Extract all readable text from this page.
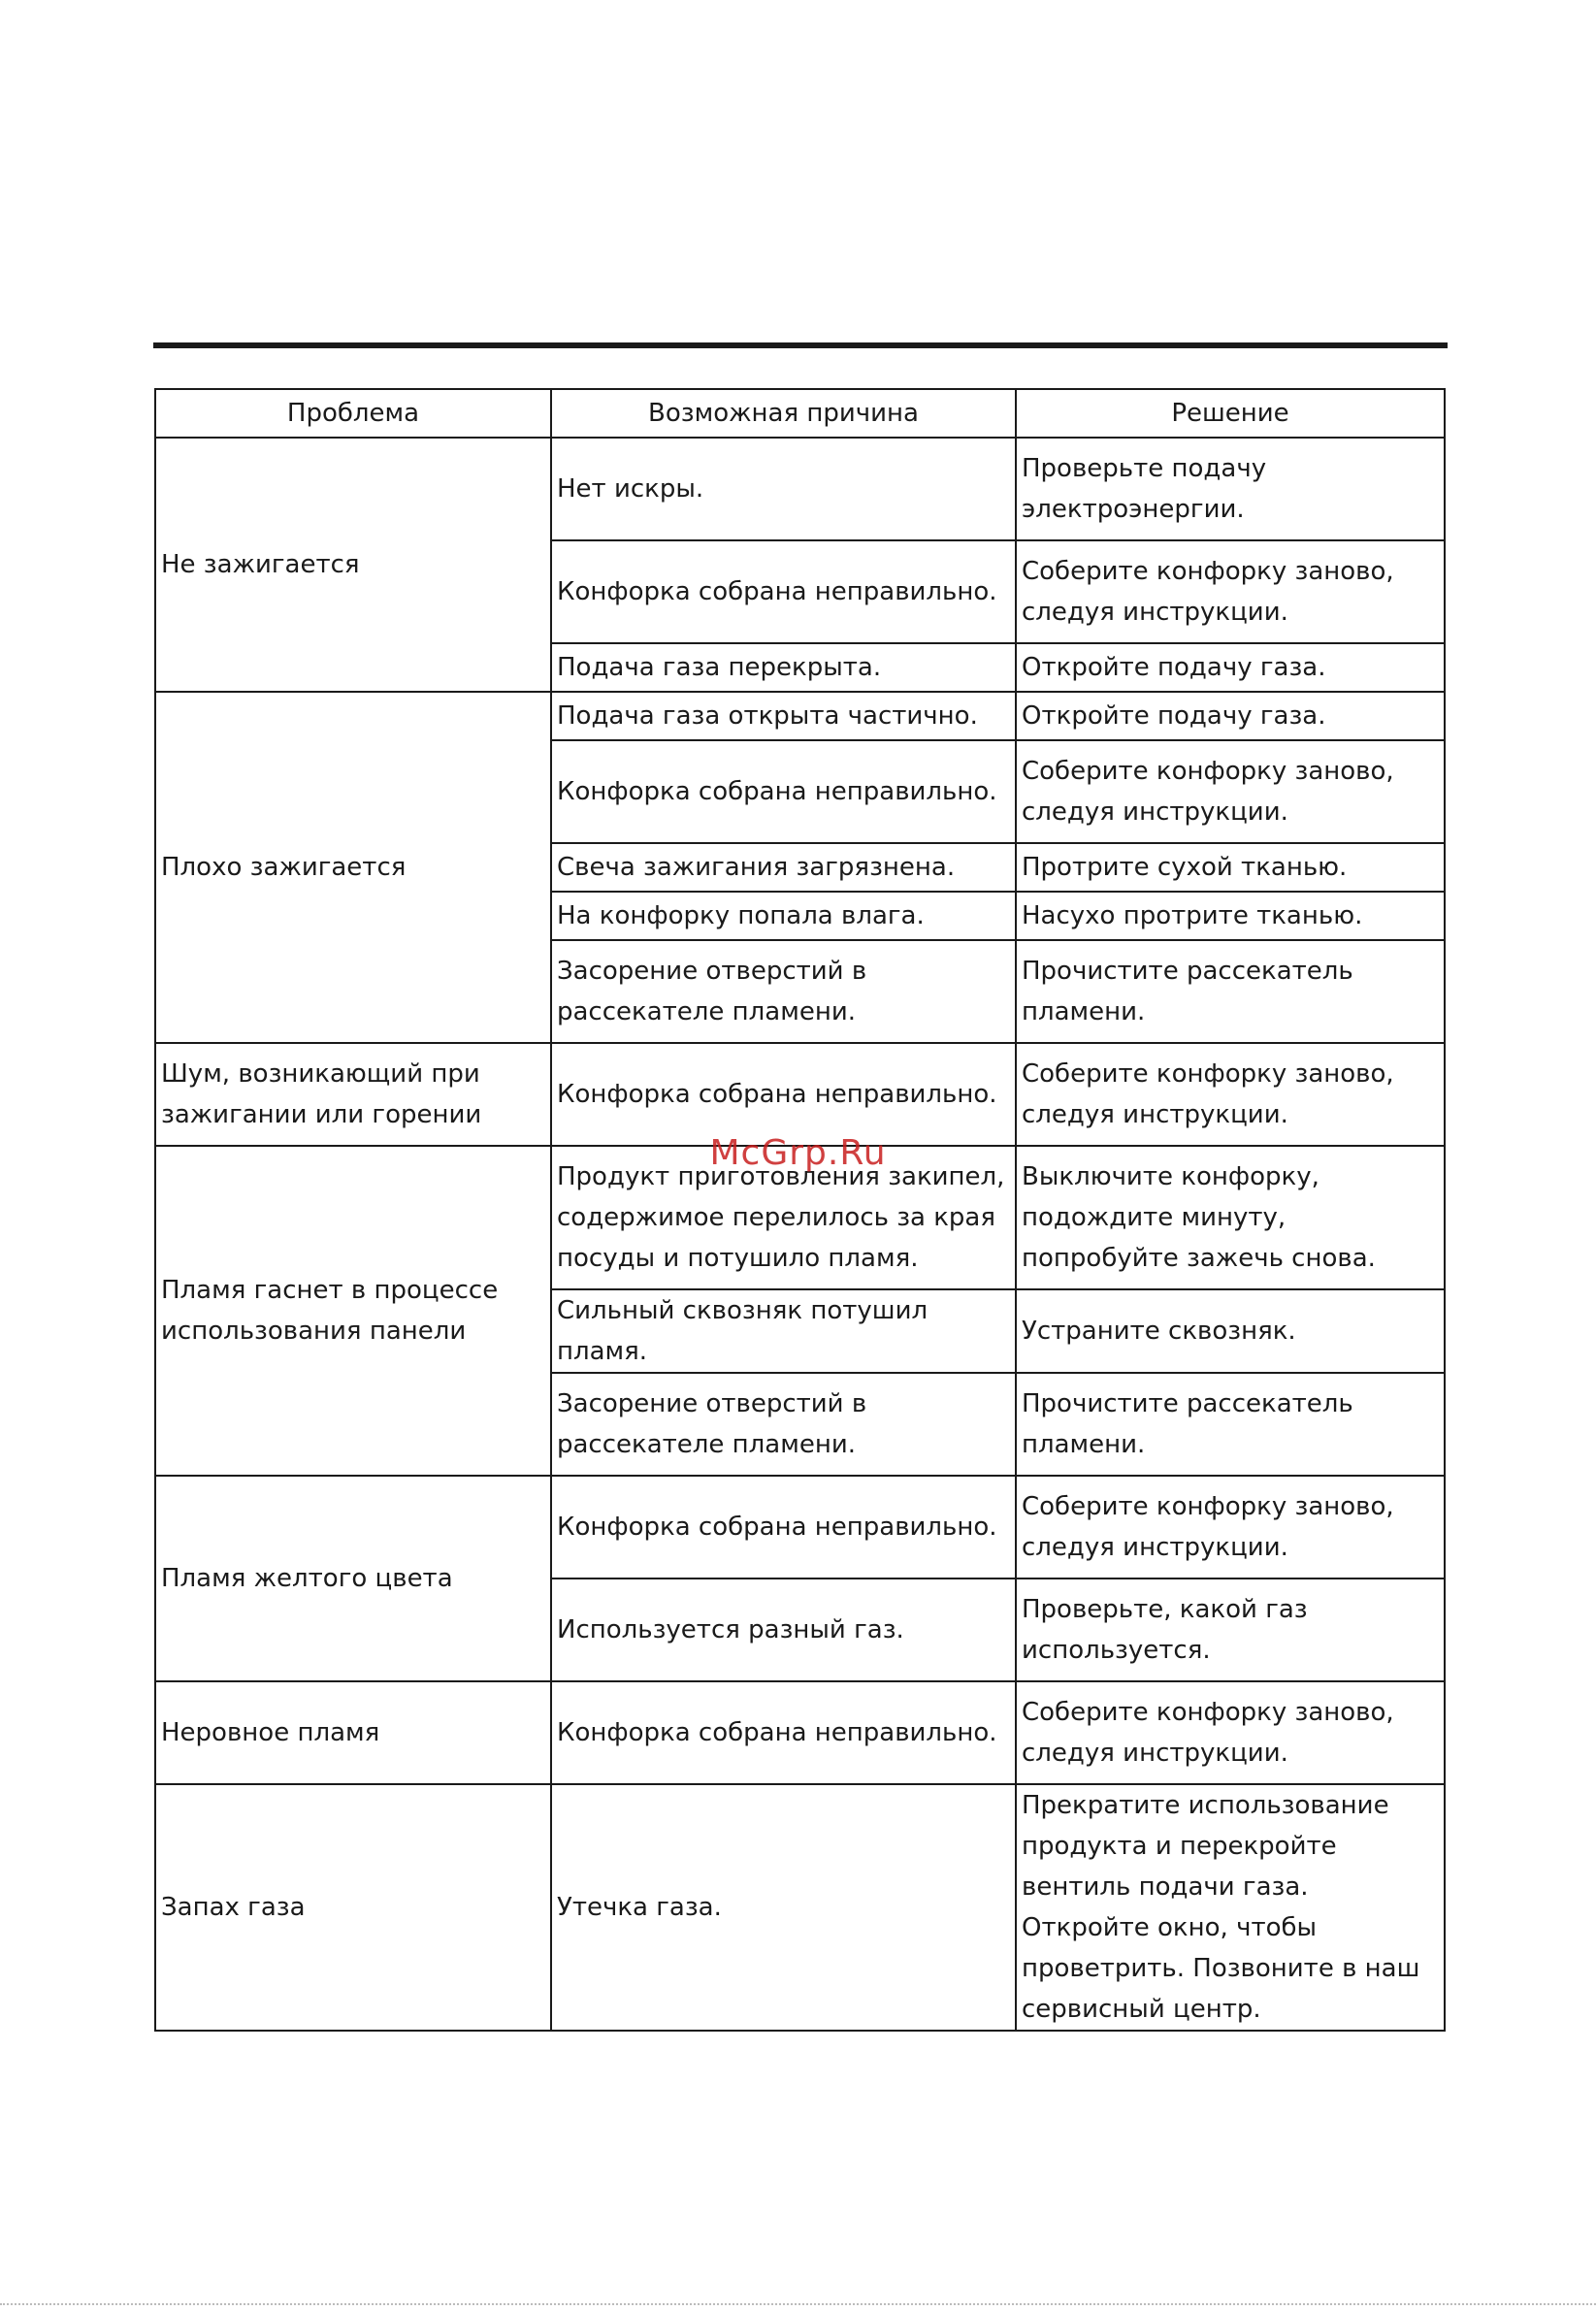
Проблема	Возможная причина	Решение
Не зажигается	Нет искры.	Проверьте подачу электроэнергии.
	Конфорка собрана неправильно.	Соберите конфорку заново, следуя инструкции.
	Подача газа перекрыта.	Откройте подачу газа.
Плохо зажигается	Подача газа открыта частично.	Откройте подачу газа.
	Конфорка собрана неправильно.	Соберите конфорку заново, следуя инструкции.
	Свеча зажигания загрязнена.	Протрите сухой тканью.
	На конфорку попала влага.	Насухо протрите тканью.
	Засорение отверстий в рассекателе пламени.	Прочистите рассекатель пламени.
Шум, возникающий при зажигании или горении	Конфорка собрана неправильно.	Соберите конфорку заново, следуя инструкции.
Пламя гаснет в процессе использования панели	Продукт приготовления закипел, содержимое перелилось за края посуды и потушило пламя.	Выключите конфорку, подождите минуту, попробуйте зажечь снова.
	Сильный сквозняк потушил пламя.	Устраните сквозняк.
	Засорение отверстий в рассекателе пламени.	Прочистите рассекатель пламени.
Пламя желтого цвета	Конфорка собрана неправильно.	Соберите конфорку заново, следуя инструкции.
	Используется разный газ.	Проверьте, какой газ используется.
Неровное пламя	Конфорка собрана неправильно.	Соберите конфорку заново, следуя инструкции.
Запах газа	Утечка газа.	Прекратите использование продукта и перекройте вентиль подачи газа. Откройте окно, чтобы проветрить. Позвоните в наш сервисный центр.
McGrp.Ru
